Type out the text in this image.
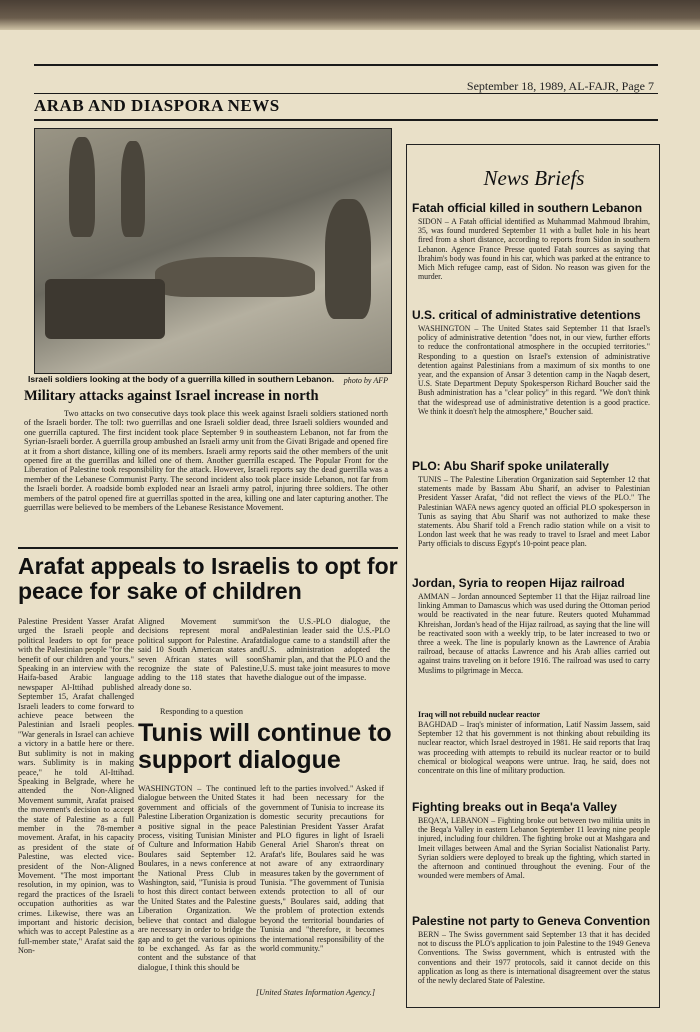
September 18, 1989, AL-FAJR, Page 7
ARAB AND DIASPORA NEWS
Israeli soldiers looking at the body of a guerrilla killed in southern Lebanon.	photo by AFP
Military attacks against Israel increase in north
Two attacks on two consecutive days took place this week against Israeli soldiers stationed north of the Israeli border. The toll: two guerrillas and one Israeli soldier dead, three Israeli soldiers wounded and one guerrilla captured. The first incident took place September 9 in southeastern Lebanon, not far from the Syrian-Israeli border. A guerrilla group ambushed an Israeli army unit from the Givati Brigade and opened fire at it from a short distance, killing one of its members. Israeli army reports said the other members of the unit opened fire at the guerrillas and killed one of them. Another guerrilla escaped. The Popular Front for the Liberation of Palestine took responsibility for the attack. However, Israeli reports say the dead guerrilla was a member of the Lebanese Communist Party. The second incident also took place inside Lebanon, not far from the Israeli border. A roadside bomb exploded near an Israeli army patrol, injuring three soldiers. The other members of the patrol opened fire at guerrillas spotted in the area, killing one and later capturing another. The guerrillas were believed to be members of the Lebanese Resistance Movement.
Arafat appeals to Israelis to opt for peace for sake of children
Palestine President Yasser Arafat urged the Israeli people and political leaders to opt for peace with the Palestinian people "for the benefit of our children and yours." Speaking in an interview with the Haifa-based Arabic language newspaper Al-Ittihad published September 15, Arafat challenged Israeli leaders to come forward to achieve peace between the Palestinian and Israeli peoples. "War generals in Israel can achieve a victory in a battle here or there. But sublimity is not in making wars. Sublimity is in making peace," he told Al-Ittihad. Speaking in Belgrade, where he attended the Non-Aligned Movement summit, Arafat praised the movement's decision to accept the state of Palestine as a full member in the 78-member movement. Arafat, in his capacity as president of the state of Palestine, was elected vice-president of the Non-Aligned Movement. "The most important resolution, in my opinion, was to regard the practices of the Israeli occupation authorities as war crimes. Likewise, there was an important and historic decision, which was to accept Palestine as a full-member state," Arafat said the Non-
Aligned Movement summit's decisions represent moral and political support for Palestine. Arafat said 10 South American states and seven African states will soon recognize the state of Palestine, adding to the 118 states that have already done so.
Responding to a question
on the U.S.-PLO dialogue, the Palestinian leader said the U.S.-PLO dialogue came to a standstill after the U.S. administration adopted the Shamir plan, and that the PLO and the U.S. must take joint measures to move the dialogue out of the impasse.
Tunis will continue to support dialogue
WASHINGTON – The continued dialogue between the United States government and officials of the Palestine Liberation Organization is a positive signal in the peace process, visiting Tunisian Minister of Culture and Information Habib Boulares said September 12. Boulares, in a news conference at the National Press Club in Washington, said, "Tunisia is proud to host this direct contact between the United States and the Palestine Liberation Organization. We believe that contact and dialogue are necessary in order to bridge the gap and to get the various opinions to be exchanged. As far as the content and the substance of that dialogue, I think this should be
left to the parties involved." Asked if it had been necessary for the government of Tunisia to increase its domestic security precautions for Palestinian President Yasser Arafat and PLO figures in light of Israeli General Ariel Sharon's threat on Arafat's life, Boulares said he was not aware of any extraordinary measures taken by the government of Tunisia. "The government of Tunisia extends protection to all of our guests," Boulares said, adding that the problem of protection extends beyond the territorial boundaries of Tunisia and "therefore, it becomes the international responsibility of the world community."
[United States Information Agency.]
News Briefs
Fatah official killed in southern Lebanon
SIDON – A Fatah official identified as Muhammad Mahmoud Ibrahim, 35, was found murdered September 11 with a bullet hole in his heart fired from a short distance, according to reports from Sidon in southern Lebanon. Agence France Presse quoted Fatah sources as saying that Ibrahim's body was found in his car, which was parked at the entrance to Mich Mich refugee camp, east of Sidon. No reason was given for the murder.
U.S. critical of administrative detentions
WASHINGTON – The United States said September 11 that Israel's policy of administrative detention "does not, in our view, further efforts to reduce the confrontational atmosphere in the occupied territories." Responding to a question on Israel's extension of administrative detention against Palestinians from a maximum of six months to one year, and the expansion of Ansar 3 detention camp in the Naqab desert, U.S. State Department Deputy Spokesperson Richard Boucher said the Bush administration has a "clear policy" in this regard. "We don't think that the widespread use of administrative detention is a good practice. We think it doesn't help the atmosphere," Boucher said.
PLO: Abu Sharif spoke unilaterally
TUNIS – The Palestine Liberation Organization said September 12 that statements made by Bassam Abu Sharif, an adviser to Palestinian President Yasser Arafat, "did not reflect the views of the PLO." The Palestinian WAFA news agency quoted an official PLO spokesperson in Tunis as saying that Abu Sharif was not authorized to make these statements. Abu Sharif told a French radio station while on a visit to London last week that he was ready to travel to Israel and meet Labor Party officials to discuss Egypt's 10-point peace plan.
Jordan, Syria to reopen Hijaz railroad
AMMAN – Jordan announced September 11 that the Hijaz railroad line linking Amman to Damascus which was used during the Ottoman period would be reactivated in the near future. Reuters quoted Muhammad Khreishan, Jordan's head of the Hijaz railroad, as saying that the line will be reactivated soon with a weekly trip, to be later increased to two or three a week. The line is popularly known as the Lawrence of Arabia railroad, because of attacks Lawrence and his Arab allies carried out against trains traveling on it before 1916. The railroad was used to carry Muslims to pilgrimage in Mecca.
Iraq will not rebuild nuclear reactor
BAGHDAD – Iraq's minister of information, Latif Nassim Jassem, said September 12 that his government is not thinking about rebuilding its nuclear reactor, which Israel destroyed in 1981. He said reports that Iraq was proceeding with attempts to rebuild its nuclear reactor or to build chemical or biological weapons were untrue. Iraq, he said, does not concentrate on this line of military production.
Fighting breaks out in Beqa'a Valley
BEQA'A, LEBANON – Fighting broke out between two militia units in the Beqa'a Valley in eastern Lebanon September 11 leaving nine people injured, including four children. The fighting broke out at Mashgara and Imeit villages between Amal and the Syrian Socialist Nationalist Party. Syrian soldiers were deployed to break up the fighting, which started in the afternoon and continued throughout the evening. Four of the wounded were members of Amal.
Palestine not party to Geneva Convention
BERN – The Swiss government said September 13 that it has decided not to discuss the PLO's application to join Palestine to the 1949 Geneva Conventions. The Swiss government, which is entrusted with the conventions and their 1977 protocols, said it cannot decide on this application as long as there is international disagreement over the status of the newly declared State of Palestine.
